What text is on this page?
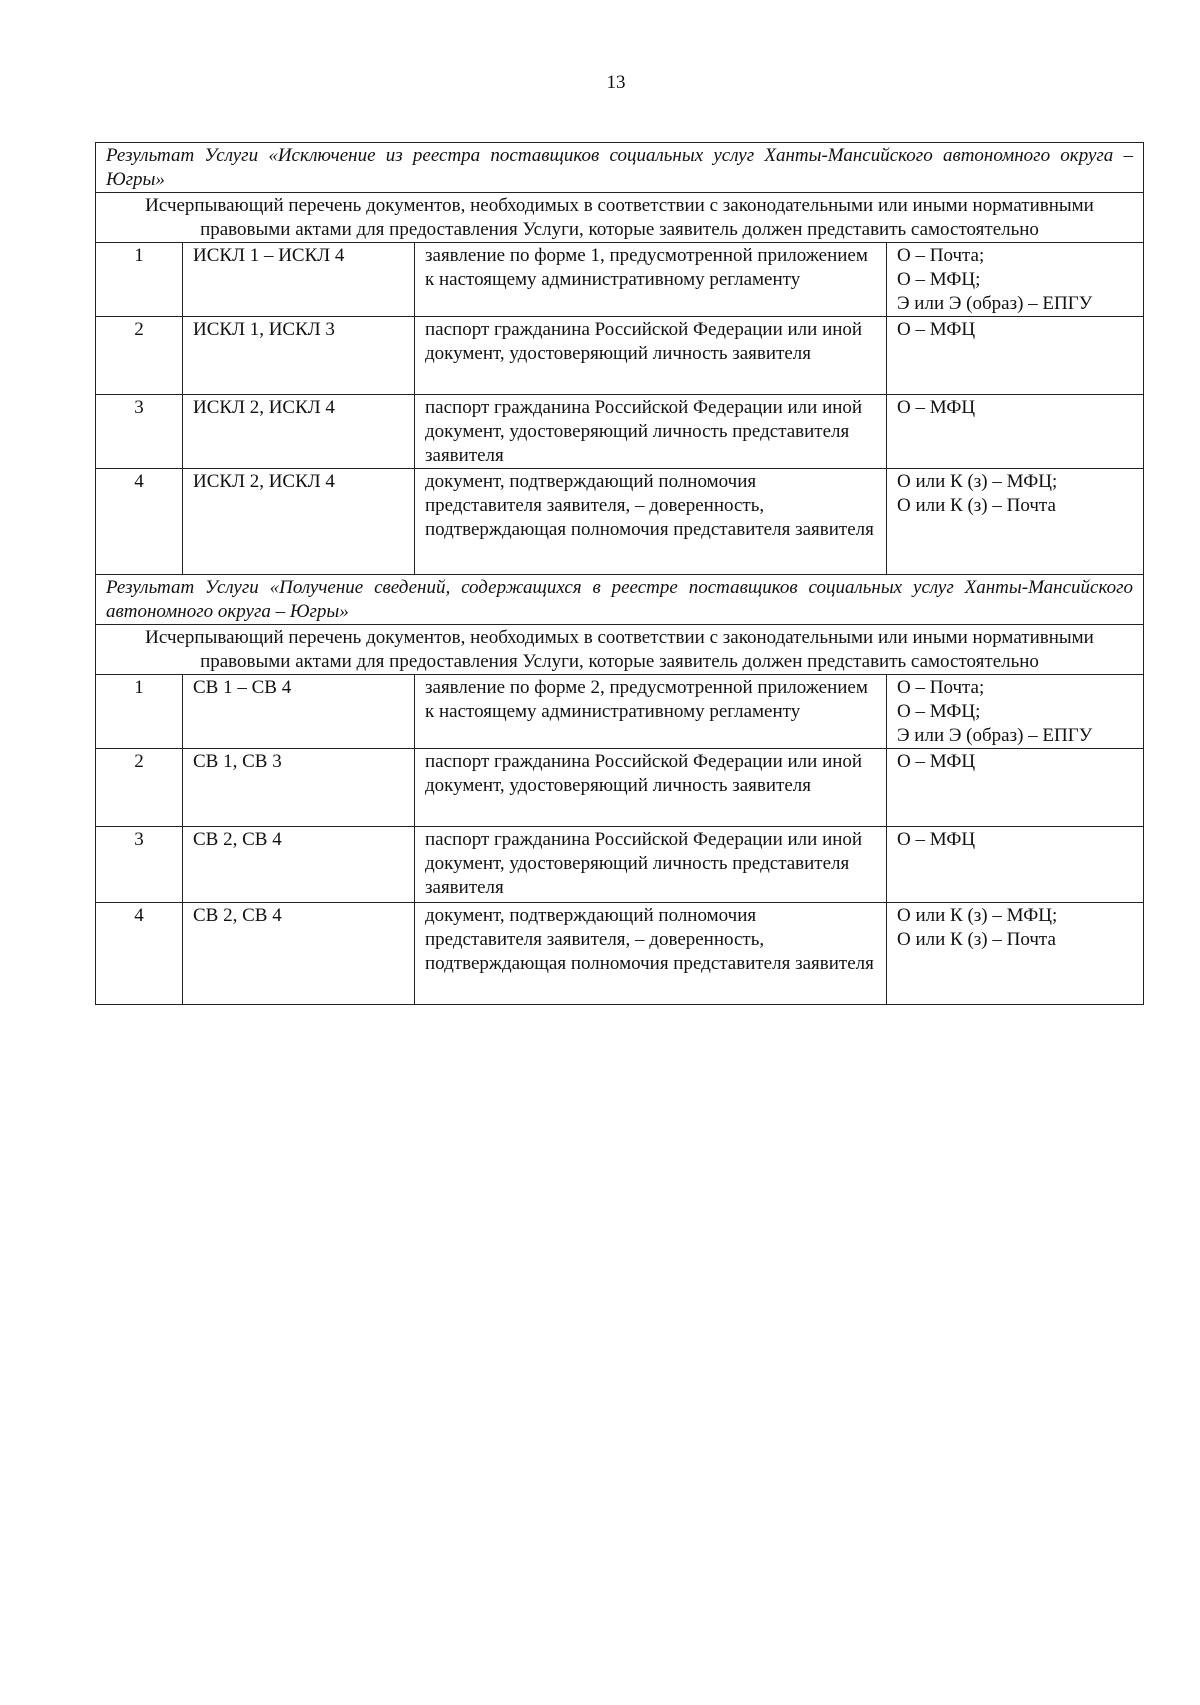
13
Результат Услуги «Исключение из реестра поставщиков социальных услуг Ханты-Мансийского автономного округа – Югры»			
Исчерпывающий перечень документов, необходимых в соответствии с законодательными или иными нормативными правовыми актами для предоставления Услуги, которые заявитель должен представить самостоятельно			
1	ИСКЛ 1 – ИСКЛ 4	заявление по форме 1, предусмотренной приложением к настоящему административному регламенту	О – Почта;
О – МФЦ;
Э или Э (образ) – ЕПГУ

2	ИСКЛ 1, ИСКЛ 3	паспорт гражданина Российской Федерации или иной документ, удостоверяющий личность заявителя	О – МФЦ

3	ИСКЛ 2, ИСКЛ 4	паспорт гражданина Российской Федерации или иной документ, удостоверяющий личность представителя заявителя	О – МФЦ

4	ИСКЛ 2, ИСКЛ 4	документ, подтверждающий полномочия представителя заявителя, – доверенность, подтверждающая полномочия представителя заявителя	О или К (з) – МФЦ;
О или К (з) – Почта

Результат Услуги «Получение сведений, содержащихся в реестре поставщиков социальных услуг Ханты-Мансийского автономного округа – Югры»			
Исчерпывающий перечень документов, необходимых в соответствии с законодательными или иными нормативными правовыми актами для предоставления Услуги, которые заявитель должен представить самостоятельно			
1	СВ 1 – СВ 4	заявление по форме 2, предусмотренной приложением к настоящему административному регламенту	О – Почта;
О – МФЦ;
Э или Э (образ) – ЕПГУ

2	СВ 1, СВ 3	паспорт гражданина Российской Федерации или иной документ, удостоверяющий личность заявителя	О – МФЦ

3	СВ 2, СВ 4	паспорт гражданина Российской Федерации или иной документ, удостоверяющий личность представителя заявителя	О – МФЦ

4	СВ 2, СВ 4	документ, подтверждающий полномочия представителя заявителя, – доверенность, подтверждающая полномочия представителя заявителя	О или К (з) – МФЦ;
О или К (з) – Почта
